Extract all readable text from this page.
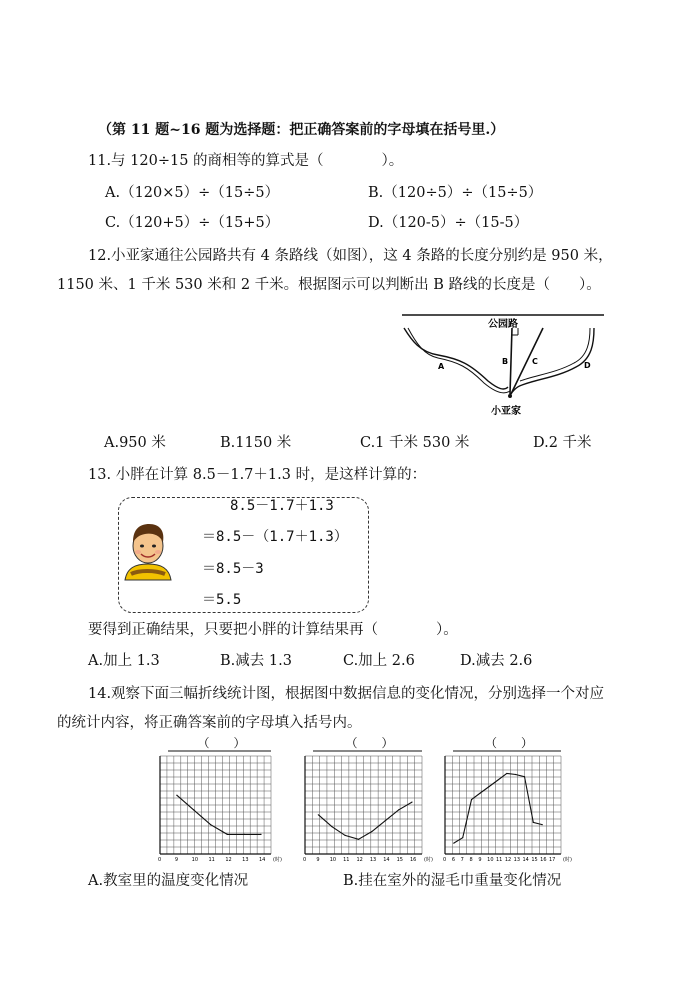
（第 11 题~16 题为选择题：把正确答案前的字母填在括号里.）
11.与 120÷15 的商相等的算式是（　　　　）。
A.（120×5）÷（15÷5）	B.（120÷5）÷（15÷5）
C.（120+5）÷（15+5）	D.（120-5）÷（15-5）
12.小亚家通往公园路共有 4 条路线（如图），这 4 条路的长度分别约是 950 米，
1150 米、1 千米 530 米和 2 千米。根据图示可以判断出 B 路线的长度是（　　）。
公园路
A
B	C	D
小亚家
A.950 米	B.1150 米	C.1 千米 530 米	D.2 千米
13. 小胖在计算 8.5－1.7＋1.3 时，是这样计算的：
8.5－1.7＋1.3
＝8.5－（1.7＋1.3）
＝8.5－3
＝5.5
要得到正确结果，只要把小胖的计算结果再（　　　　）。
A.加上 1.3	B.减去 1.3	C.加上 2.6	D.减去 2.6
14.观察下面三幅折线统计图，根据图中数据信息的变化情况，分别选择一个对应
的统计内容，将正确答案前的字母填入括号内。
（　　）
0	9	10 11 12 13 14 (时)
（　　）
0 9 10 11 12 13 14 15 16 (时)
（　　）
0 6 7 8 9 10 11 12 13 14 15 16 17 (时)
A.教室里的温度变化情况	B.挂在室外的湿毛巾重量变化情况
